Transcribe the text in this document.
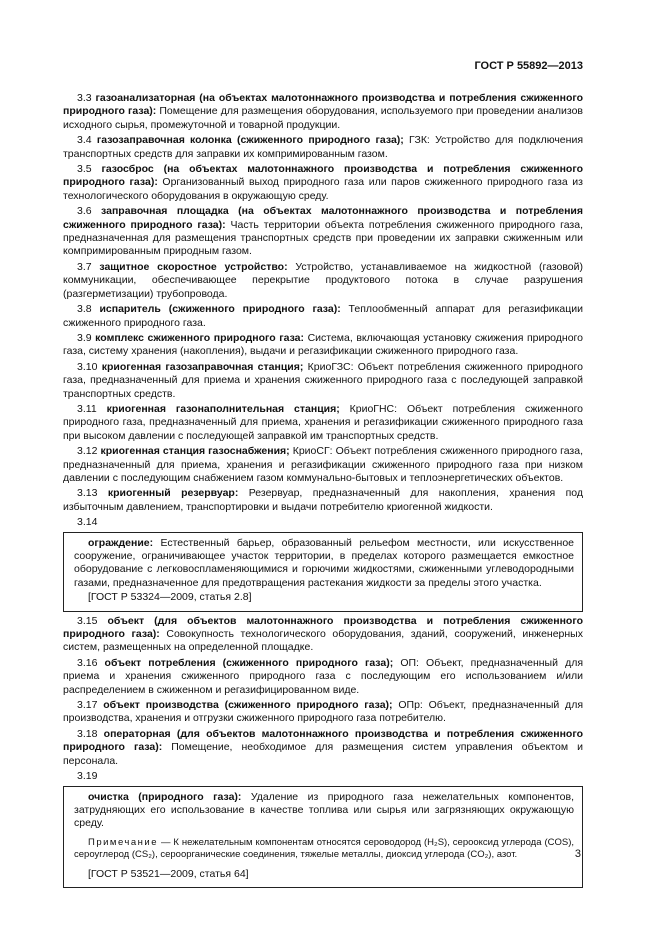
ГОСТ Р 55892—2013
3.3 газоанализаторная (на объектах малотоннажного производства и потребления сжиженного природного газа): Помещение для размещения оборудования, используемого при проведении анализов исходного сырья, промежуточной и товарной продукции.
3.4 газозаправочная колонка (сжиженного природного газа); ГЗК: Устройство для подключения транспортных средств для заправки их компримированным газом.
3.5 газосброс (на объектах малотоннажного производства и потребления сжиженного природного газа): Организованный выход природного газа или паров сжиженного природного газа из технологического оборудования в окружающую среду.
3.6 заправочная площадка (на объектах малотоннажного производства и потребления сжиженного природного газа): Часть территории объекта потребления сжиженного природного газа, предназначенная для размещения транспортных средств при проведении их заправки сжиженным или компримированным природным газом.
3.7 защитное скоростное устройство: Устройство, устанавливаемое на жидкостной (газовой) коммуникации, обеспечивающее перекрытие продуктового потока в случае разрушения (разгерметизации) трубопровода.
3.8 испаритель (сжиженного природного газа): Теплообменный аппарат для регазификации сжиженного природного газа.
3.9 комплекс сжиженного природного газа: Система, включающая установку сжижения природного газа, систему хранения (накопления), выдачи и регазификации сжиженного природного газа.
3.10 криогенная газозаправочная станция; КриоГЗС: Объект потребления сжиженного природного газа, предназначенный для приема и хранения сжиженного природного газа с последующей заправкой транспортных средств.
3.11 криогенная газонаполнительная станция; КриоГНС: Объект потребления сжиженного природного газа, предназначенный для приема, хранения и регазификации сжиженного природного газа при высоком давлении с последующей заправкой им транспортных средств.
3.12 криогенная станция газоснабжения; КриоСГ: Объект потребления сжиженного природного газа, предназначенный для приема, хранения и регазификации сжиженного природного газа при низком давлении с последующим снабжением газом коммунально-бытовых и теплоэнергетических объектов.
3.13 криогенный резервуар: Резервуар, предназначенный для накопления, хранения под избыточным давлением, транспортировки и выдачи потребителю криогенной жидкости.
3.14
ограждение: Естественный барьер, образованный рельефом местности, или искусственное сооружение, ограничивающее участок территории, в пределах которого размещается емкостное оборудование с легковоспламеняющимися и горючими жидкостями, сжиженными углеводородными газами, предназначенное для предотвращения растекания жидкости за пределы этого участка.
[ГОСТ Р 53324—2009, статья 2.8]
3.15 объект (для объектов малотоннажного производства и потребления сжиженного природного газа): Совокупность технологического оборудования, зданий, сооружений, инженерных систем, размещенных на определенной площадке.
3.16 объект потребления (сжиженного природного газа); ОП: Объект, предназначенный для приема и хранения сжиженного природного газа с последующим его использованием и/или распределением в сжиженном и регазифицированном виде.
3.17 объект производства (сжиженного природного газа); ОПр: Объект, предназначенный для производства, хранения и отгрузки сжиженного природного газа потребителю.
3.18 операторная (для объектов малотоннажного производства и потребления сжиженного природного газа): Помещение, необходимое для размещения систем управления объектом и персонала.
3.19
очистка (природного газа): Удаление из природного газа нежелательных компонентов, затрудняющих его использование в качестве топлива или сырья или загрязняющих окружающую среду.
Примечание — К нежелательным компонентам относятся сероводород (H₂S), серооксид углерода (COS), сероуглерод (CS₂), сероорганические соединения, тяжелые металлы, диоксид углерода (CO₂), азот.
[ГОСТ Р 53521—2009, статья 64]
3
